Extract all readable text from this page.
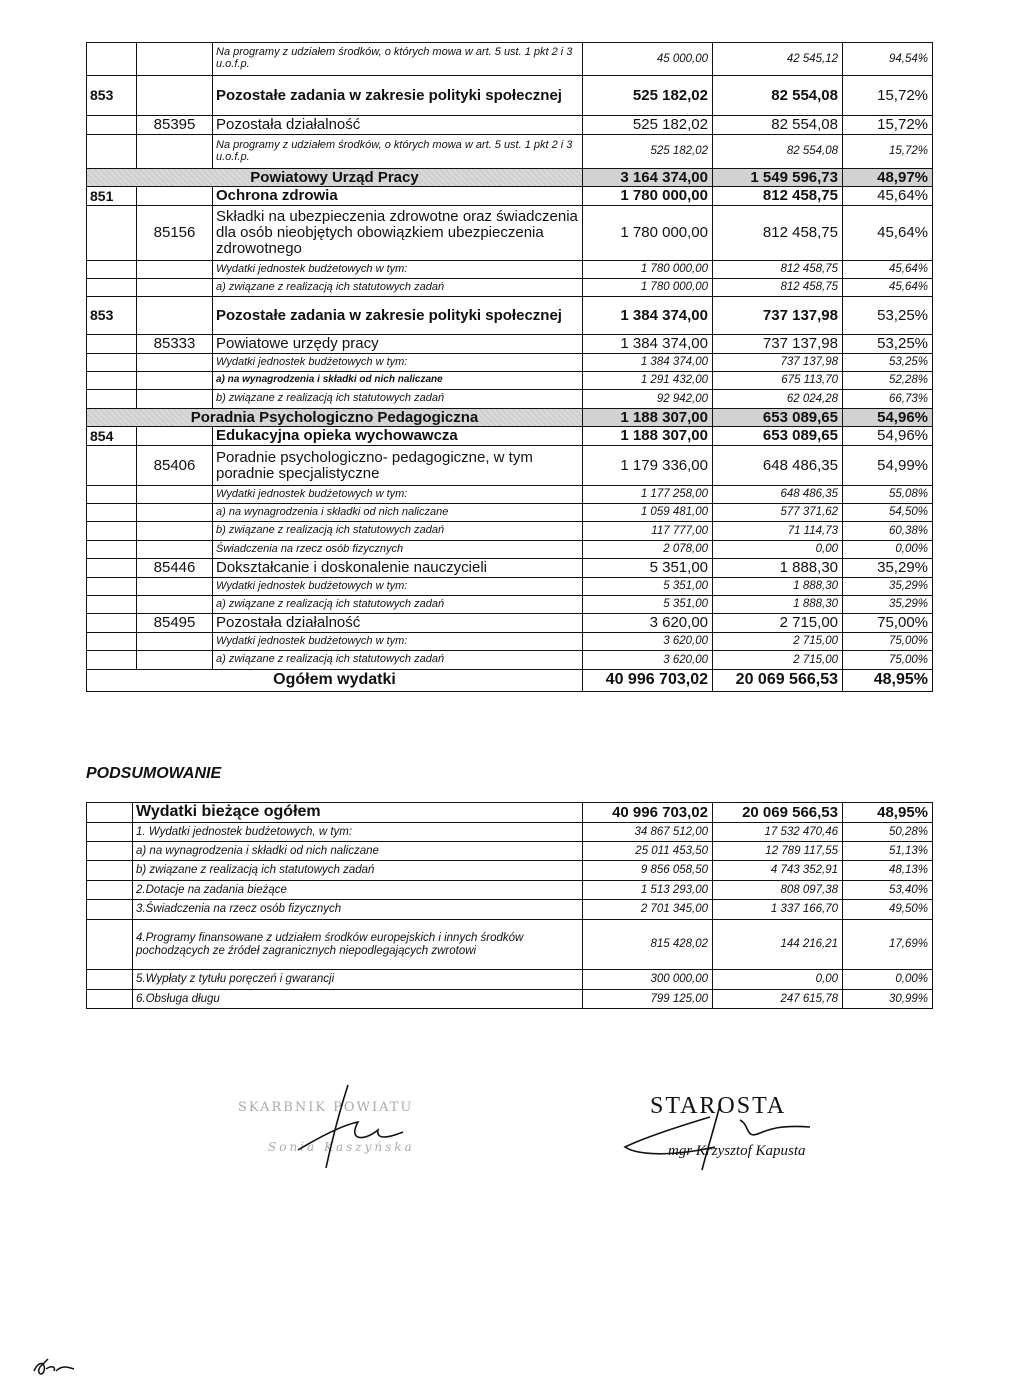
		Na programy z udziałem środków, o których mowa w art. 5 ust. 1 pkt 2 i 3 u.o.f.p.	45 000,00	42 545,12	94,54%
853		Pozostałe zadania w zakresie polityki społecznej	525 182,02	82 554,08	15,72%
	85395	Pozostała działalność	525 182,02	82 554,08	15,72%
		Na programy z udziałem środków, o których mowa w art. 5 ust. 1 pkt 2 i 3 u.o.f.p.	525 182,02	82 554,08	15,72%
Powiatowy Urząd Pracy			3 164 374,00	1 549 596,73	48,97%
851		Ochrona zdrowia	1 780 000,00	812 458,75	45,64%
	85156	Składki na ubezpieczenia zdrowotne oraz świadczenia dla osób nieobjętych obowiązkiem ubezpieczenia zdrowotnego	1 780 000,00	812 458,75	45,64%
		Wydatki jednostek budżetowych w tym:	1 780 000,00	812 458,75	45,64%
		a) związane z realizacją ich statutowych zadań	1 780 000,00	812 458,75	45,64%
853		Pozostałe zadania w zakresie polityki społecznej	1 384 374,00	737 137,98	53,25%
	85333	Powiatowe urzędy pracy	1 384 374,00	737 137,98	53,25%
		Wydatki jednostek budżetowych w tym:	1 384 374,00	737 137,98	53,25%
		a) na wynagrodzenia i składki od nich naliczane	1 291 432,00	675 113,70	52,28%
		b) związane z realizacją ich statutowych zadań	92 942,00	62 024,28	66,73%
Poradnia Psychologiczno Pedagogiczna			1 188 307,00	653 089,65	54,96%
854		Edukacyjna opieka wychowawcza	1 188 307,00	653 089,65	54,96%
	85406	Poradnie psychologiczno- pedagogiczne, w tym poradnie specjalistyczne	1 179 336,00	648 486,35	54,99%
		Wydatki jednostek budżetowych w tym:	1 177 258,00	648 486,35	55,08%
		a) na wynagrodzenia i składki od nich naliczane	1 059 481,00	577 371,62	54,50%
		b) związane z realizacją ich statutowych zadań	117 777,00	71 114,73	60,38%
		Świadczenia na rzecz osób fizycznych	2 078,00	0,00	0,00%
	85446	Dokształcanie i doskonalenie nauczycieli	5 351,00	1 888,30	35,29%
		Wydatki jednostek budżetowych w tym:	5 351,00	1 888,30	35,29%
		a) związane z realizacją ich statutowych zadań	5 351,00	1 888,30	35,29%
	85495	Pozostała działalność	3 620,00	2 715,00	75,00%
		Wydatki jednostek budżetowych w tym:	3 620,00	2 715,00	75,00%
		a) związane z realizacją ich statutowych zadań	3 620,00	2 715,00	75,00%
Ogółem wydatki			40 996 703,02	20 069 566,53	48,95%
PODSUMOWANIE
	Wydatki bieżące ogółem	40 996 703,02	20 069 566,53	48,95%
	1. Wydatki jednostek budżetowych, w tym:	34 867 512,00	17 532 470,46	50,28%
	a) na wynagrodzenia i składki od nich naliczane	25 011 453,50	12 789 117,55	51,13%
	b) związane z realizacją ich statutowych zadań	9 856 058,50	4 743 352,91	48,13%
	2.Dotacje na zadania bieżące	1 513 293,00	808 097,38	53,40%
	3.Świadczenia na rzecz osób fizycznych	2 701 345,00	1 337 166,70	49,50%
	4.Programy finansowane z udziałem środków europejskich i innych środków pochodzących ze źródeł zagranicznych niepodlegających zwrotowi	815 428,02	144 216,21	17,69%
	5.Wypłaty z tytułu poręczeń i gwarancji	300 000,00	0,00	0,00%
	6.Obsługa długu	799 125,00	247 615,78	30,99%
SKARBNIK POWIATU
Sonia Kaszyńska
STAROSTA
mgr Krzysztof Kapusta
